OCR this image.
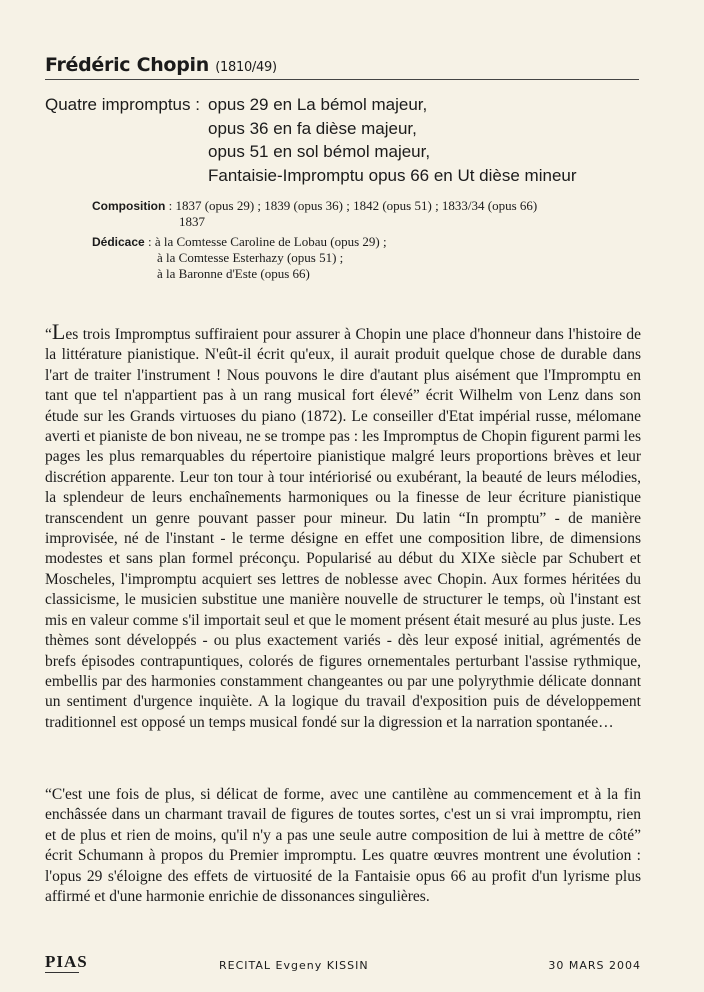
Frédéric Chopin (1810/49)
Quatre impromptus : opus 29 en La bémol majeur,
opus 36 en fa dièse majeur,
opus 51 en sol bémol majeur,
Fantaisie-Impromptu opus 66 en Ut dièse mineur
Composition : 1837 (opus 29) ; 1839 (opus 36) ; 1842 (opus 51) ; 1833/34 (opus 66)
1837
Dédicace : à la Comtesse Caroline de Lobau (opus 29) ;
à la Comtesse Esterhazy (opus 51) ;
à la Baronne d'Este (opus 66)
“Les trois Impromptus suffiraient pour assurer à Chopin une place d'honneur dans l'histoire de la littérature pianistique. N'eût-il écrit qu'eux, il aurait produit quelque chose de durable dans l'art de traiter l'instrument ! Nous pouvons le dire d'autant plus aisément que l'Impromptu en tant que tel n'appartient pas à un rang musical fort élevé” écrit Wilhelm von Lenz dans son étude sur les Grands virtuoses du piano (1872). Le conseiller d'Etat impérial russe, mélomane averti et pianiste de bon niveau, ne se trompe pas : les Impromptus de Chopin figurent parmi les pages les plus remarquables du répertoire pianistique malgré leurs proportions brèves et leur discrétion apparente. Leur ton tour à tour intériorisé ou exubérant, la beauté de leurs mélodies, la splendeur de leurs enchaînements harmoniques ou la finesse de leur écriture pianistique transcendent un genre pouvant passer pour mineur. Du latin “In promptu” - de manière improvisée, né de l'instant - le terme désigne en effet une composition libre, de dimensions modestes et sans plan formel préconçu. Popularisé au début du XIXe siècle par Schubert et Moscheles, l'impromptu acquiert ses lettres de noblesse avec Chopin. Aux formes héritées du classicisme, le musicien substitue une manière nouvelle de structurer le temps, où l'instant est mis en valeur comme s'il importait seul et que le moment présent était mesuré au plus juste. Les thèmes sont développés - ou plus exactement variés - dès leur exposé initial, agrémentés de brefs épisodes contrapuntiques, colorés de figures ornementales perturbant l'assise rythmique, embellis par des harmonies constamment changeantes ou par une polyrythmie délicate donnant un sentiment d'urgence inquiète. A la logique du travail d'exposition puis de développement traditionnel est opposé un temps musical fondé sur la digression et la narration spontanée…
“C'est une fois de plus, si délicat de forme, avec une cantilène au commencement et à la fin enchâssée dans un charmant travail de figures de toutes sortes, c'est un si vrai impromptu, rien et de plus et rien de moins, qu'il n'y a pas une seule autre composition de lui à mettre de côté” écrit Schumann à propos du Premier impromptu. Les quatre œuvres montrent une évolution : l'opus 29 s'éloigne des effets de virtuosité de la Fantaisie opus 66 au profit d'un lyrisme plus affirmé et d'une harmonie enrichie de dissonances singulières.
PIAS	RECITAL Evgeny KISSIN	30 MARS 2004
